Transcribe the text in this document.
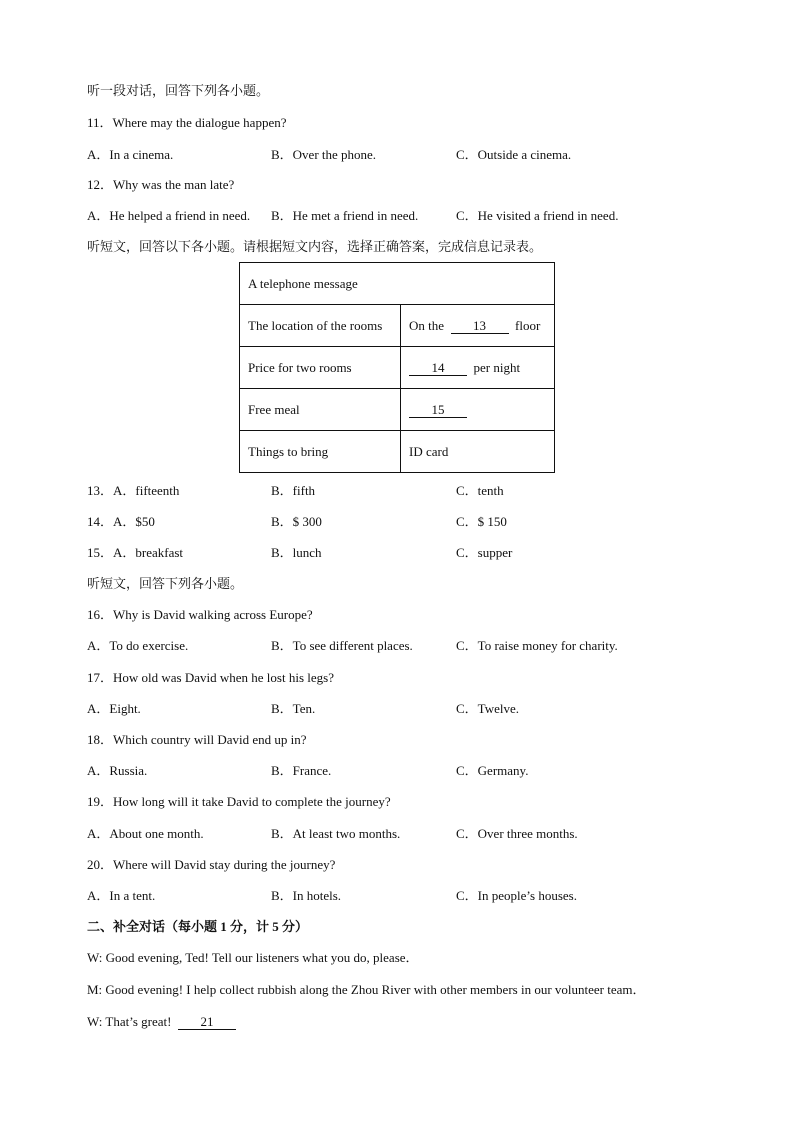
听一段对话，回答下列各小题。
11．Where may the dialogue happen?
A．In a cinema.	B．Over the phone.	C．Outside a cinema.
12．Why was the man late?
A．He helped a friend in need. B．He met a friend in need.	C．He visited a friend in need.
听短文，回答以下各小题。请根据短文内容，选择正确答案，完成信息记录表。
A telephone message	
The location of the rooms	On the 13 floor
Price for two rooms	14 per night
Free meal	15
Things to bring	ID card
13．A．fifteenth	B．fifth	C．tenth
14．A．$50	B．$ 300	C．$ 150
15．A．breakfast	B．lunch	C．supper
听短文，回答下列各小题。
16．Why is David walking across Europe?
A．To do exercise.	B．To see different places.	C．To raise money for charity.
17．How old was David when he lost his legs?
A．Eight.	B．Ten.	C．Twelve.
18．Which country will David end up in?
A．Russia.	B．France.	C．Germany.
19．How long will it take David to complete the journey?
A．About one month.	B．At least two months.	C．Over three months.
20．Where will David stay during the journey?
A．In a tent.	B．In hotels.	C．In people’s houses.
二、补全对话（每小题 1 分，计 5 分）
W: Good evening, Ted! Tell our listeners what you do, please．
M: Good evening! I help collect rubbish along the Zhou River with other members in our volunteer team．
W: That’s great! 21
